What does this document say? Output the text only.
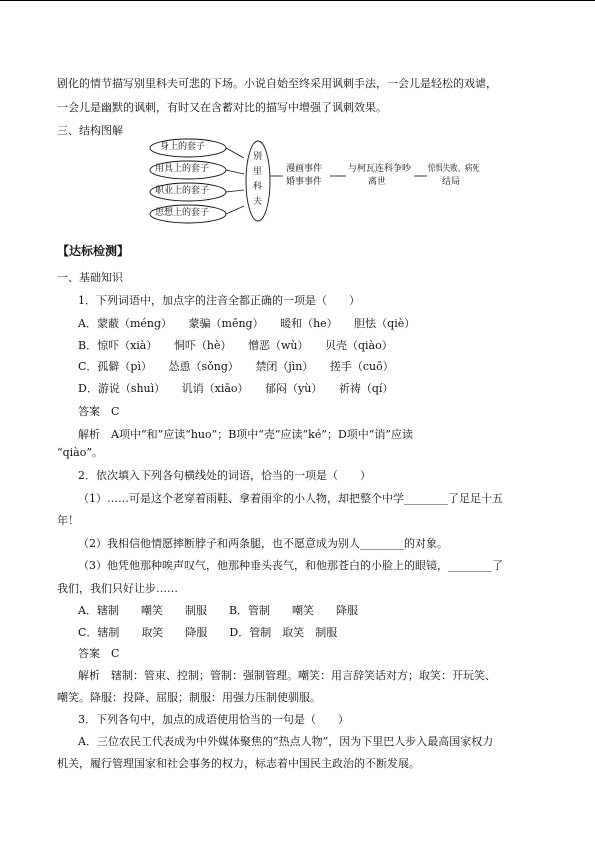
剧化的情节描写别里科夫可悲的下场。小说自始至终采用讽刺手法，一会儿是轻松的戏谑，
一会儿是幽默的讽刺，有时又在含蓄对比的描写中增强了讽刺效果。
三、结构图解
身上的套子
用具上的套子
职业上的套子
思想上的套子
别
里
科
夫
漫画事件
婚事事件
与柯瓦连科争吵
离世
惊惧失败、病死
结局
【达标检测】
一、基础知识
1．下列词语中，加点字的注音全都正确的一项是（　　）
A．蒙蔽（méng）　　蒙骗（mēng）　　暖和（he）　　胆怯（qiè）
B．惊吓（xià）　　恫吓（hè）　　憎恶（wù）　　贝壳（qiào）
C．孤僻（pì）　　怂恿（sǒng）　　禁闭（jìn）　　搓手（cuō）
D．游说（shuì）　　讥诮（xiāo）　　郁闷（yù）　　祈祷（qí）
答案　C
解析　A项中“和”应读“huo”；B项中“壳”应读“ké”；D项中“诮”应读
“qiào”。
2．依次填入下列各句横线处的词语，恰当的一项是（　　）
（1）……可是这个老穿着雨鞋、拿着雨伞的小人物，却把整个中学________了足足十五
年！
（2）我相信他情愿摔断脖子和两条腿，也不愿意成为别人________的对象。
（3）他凭他那种唉声叹气，他那种垂头丧气，和他那苍白的小脸上的眼镜，________了
我们，我们只好让步……
A．辖制　　嘲笑　　制服　　B．管制　　嘲笑　　降服
C．辖制　　取笑　　降服　　D．管制　取笑　制服
答案　C
解析　辖制：管束、控制；管制：强制管理。嘲笑：用言辞笑话对方；取笑：开玩笑、
嘲笑。降服：投降、屈服；制服：用强力压制使驯服。
3．下列各句中，加点的成语使用恰当的一句是（　　）
A．三位农民工代表成为中外媒体聚焦的“热点人物”，因为下里巴人步入最高国家权力
机关，履行管理国家和社会事务的权力，标志着中国民主政治的不断发展。
